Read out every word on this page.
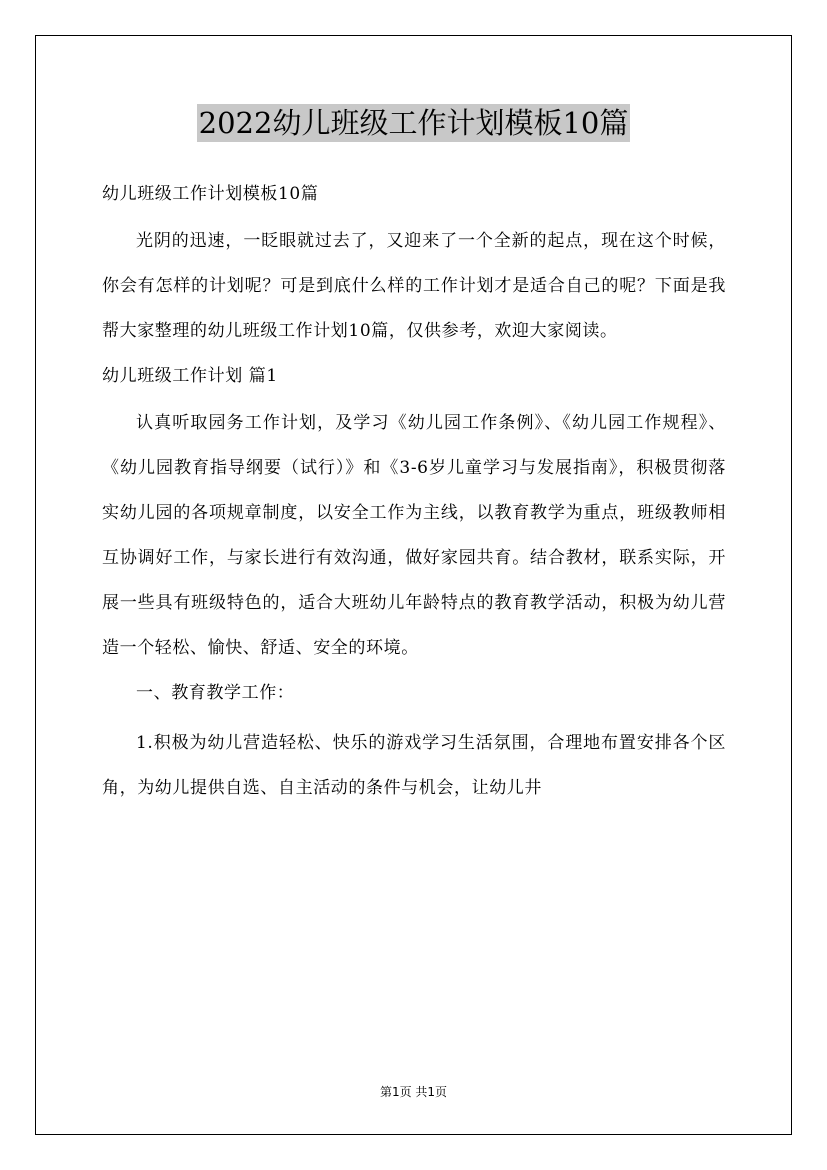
2022幼儿班级工作计划模板10篇
幼儿班级工作计划模板10篇

光阴的迅速，一眨眼就过去了，又迎来了一个全新的起点，现在这个时候，你会有怎样的计划呢？可是到底什么样的工作计划才是适合自己的呢？下面是我帮大家整理的幼儿班级工作计划10篇，仅供参考，欢迎大家阅读。

幼儿班级工作计划 篇1

认真听取园务工作计划，及学习《幼儿园工作条例》、《幼儿园工作规程》、《幼儿园教育指导纲要（试行）》和《3-6岁儿童学习与发展指南》，积极贯彻落实幼儿园的各项规章制度，以安全工作为主线，以教育教学为重点，班级教师相互协调好工作，与家长进行有效沟通，做好家园共育。结合教材，联系实际，开展一些具有班级特色的，适合大班幼儿年龄特点的教育教学活动，积极为幼儿营造一个轻松、愉快、舒适、安全的环境。

一、教育教学工作：

1.积极为幼儿营造轻松、快乐的游戏学习生活氛围，合理地布置安排各个区角，为幼儿提供自选、自主活动的条件与机会，让幼儿井

第1页 共1页
